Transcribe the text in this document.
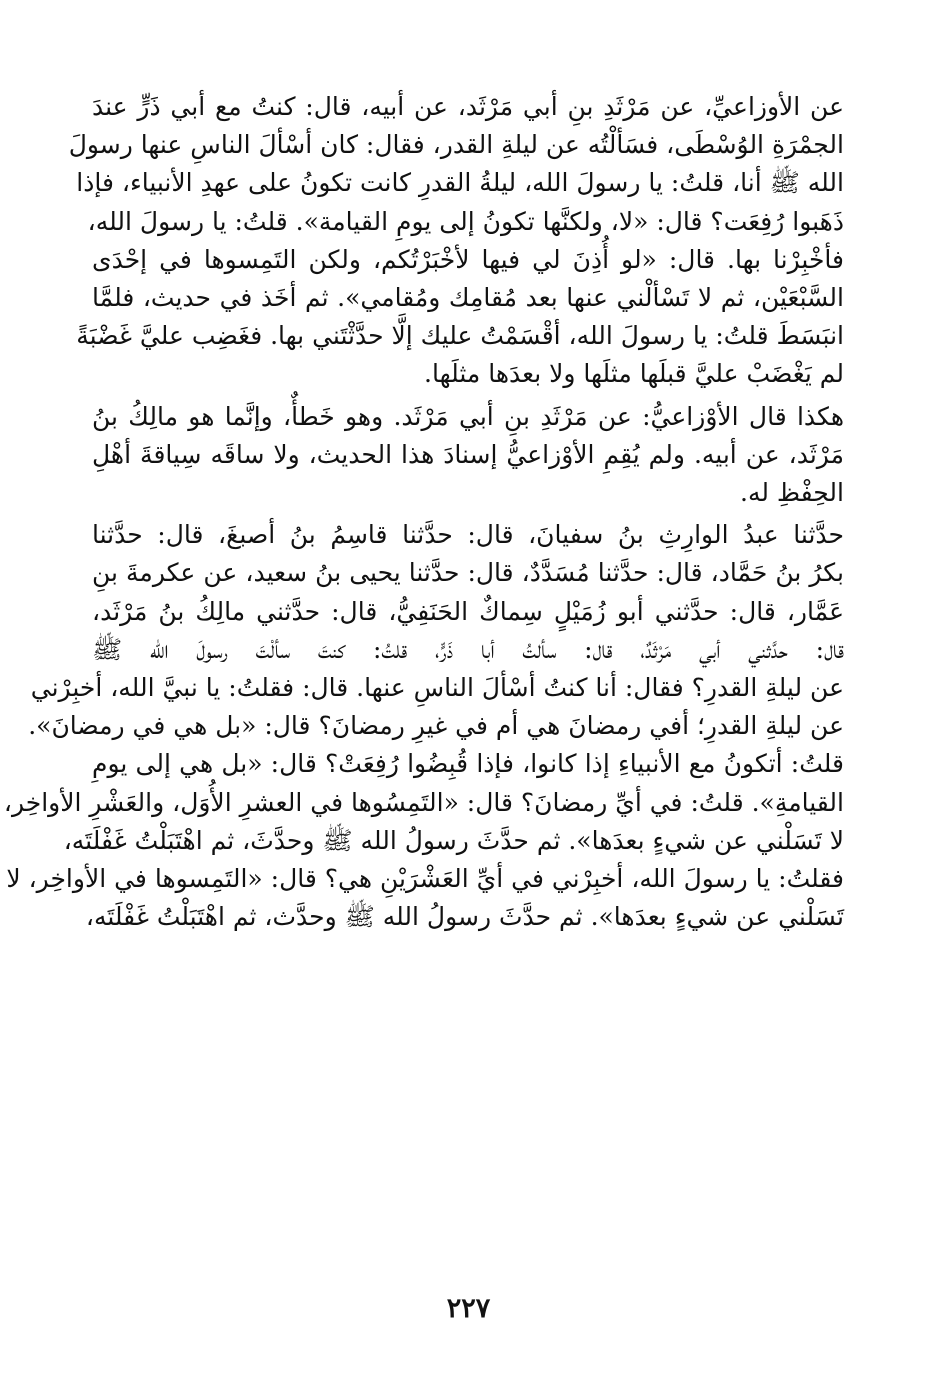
عن الأوزاعيِّ، عن مَرْثَدِ بنِ أبي مَرْثَد، عن أبيه، قال: كنتُ مع أبي ذَرٍّ عندَ
الجمْرَةِ الوُسْطَى، فسَألْتُه عن ليلةِ القدر، فقال: كان أسْألَ الناسِ عنها رسولَ
الله ﷺ أنا، قلتُ: يا رسولَ الله، ليلةُ القدرِ كانت تكونُ على عهدِ الأنبياء، فإذا
ذَهَبوا رُفِعَت؟ قال: «لا، ولكنَّها تكونُ إلى يومِ القيامة». قلتُ: يا رسولَ الله،
فأخْبِرْنا بها. قال: «لو أُذِنَ لي فيها لأخْبَرْتُكم، ولكن التَمِسوها في إحْدَى
السَّبْعَيْن، ثم لا تَسْألْني عنها بعد مُقامِك ومُقامي». ثم أخَذ في حديث، فلمَّا
انبَسَطَ قلتُ: يا رسولَ الله، أقْسَمْتُ عليك إلَّا حدَّثْتَني بها. فغَضِب عليَّ غَضْبَةً
لم يَغْضَبْ عليَّ قبلَها مثلَها ولا بعدَها مثلَها.
هكذا قال الأوْزاعيُّ: عن مَرْثَدِ بنِ أبي مَرْثَد. وهو خَطأٌ، وإنَّما هو مالِكُ بنُ
مَرْثَد، عن أبيه. ولم يُقِمِ الأوْزاعيُّ إسنادَ هذا الحديث، ولا ساقَه سِياقةَ أهْلِ
الحِفْظِ له.
حدَّثنا عبدُ الوارِثِ بنُ سفيانَ، قال: حدَّثنا قاسِمُ بنُ أصبغَ، قال: حدَّثنا
بكرُ بنُ حَمَّاد، قال: حدَّثنا مُسَدَّدٌ، قال: حدَّثنا يحيى بنُ سعيد، عن عكرمةَ بنِ
عَمَّار، قال: حدَّثني أبو زُمَيْلٍ سِماكٌ الحَنَفِيُّ، قال: حدَّثني مالِكُ بنُ مَرْثَد،
قال: حدَّثني أبي مَرْثَدٌ، قال: سألتُ أبا ذَرٍّ، قلتُ: كنتَ سألْتَ رسولَ الله ﷺ
عن ليلةِ القدرِ؟ فقال: أنا كنتُ أسْألَ الناسِ عنها. قال: فقلتُ: يا نبيَّ الله، أخبِرْني
عن ليلةِ القدرِ؛ أفي رمضانَ هي أم في غيرِ رمضانَ؟ قال: «بل هي في رمضانَ».
قلتُ: أتكونُ مع الأنبياءِ إذا كانوا، فإذا قُبِضُوا رُفِعَتْ؟ قال: «بل هي إلى يومِ
القيامةِ». قلتُ: في أيِّ رمضانَ؟ قال: «التَمِسُوها في العشرِ الأُوَل، والعَشْرِ الأواخِر،
لا تَسَلْني عن شيءٍ بعدَها». ثم حدَّثَ رسولُ الله ﷺ وحدَّثَ، ثم اهْتَبَلْتُ غَفْلَتَه،
فقلتُ: يا رسولَ الله، أخبِرْني في أيِّ العَشْرَيْنِ هي؟ قال: «التَمِسوها في الأواخِر، لا
تَسَلْني عن شيءٍ بعدَها». ثم حدَّثَ رسولُ الله ﷺ وحدَّث، ثم اهْتَبَلْتُ غَفْلَتَه،
٢٢٧
